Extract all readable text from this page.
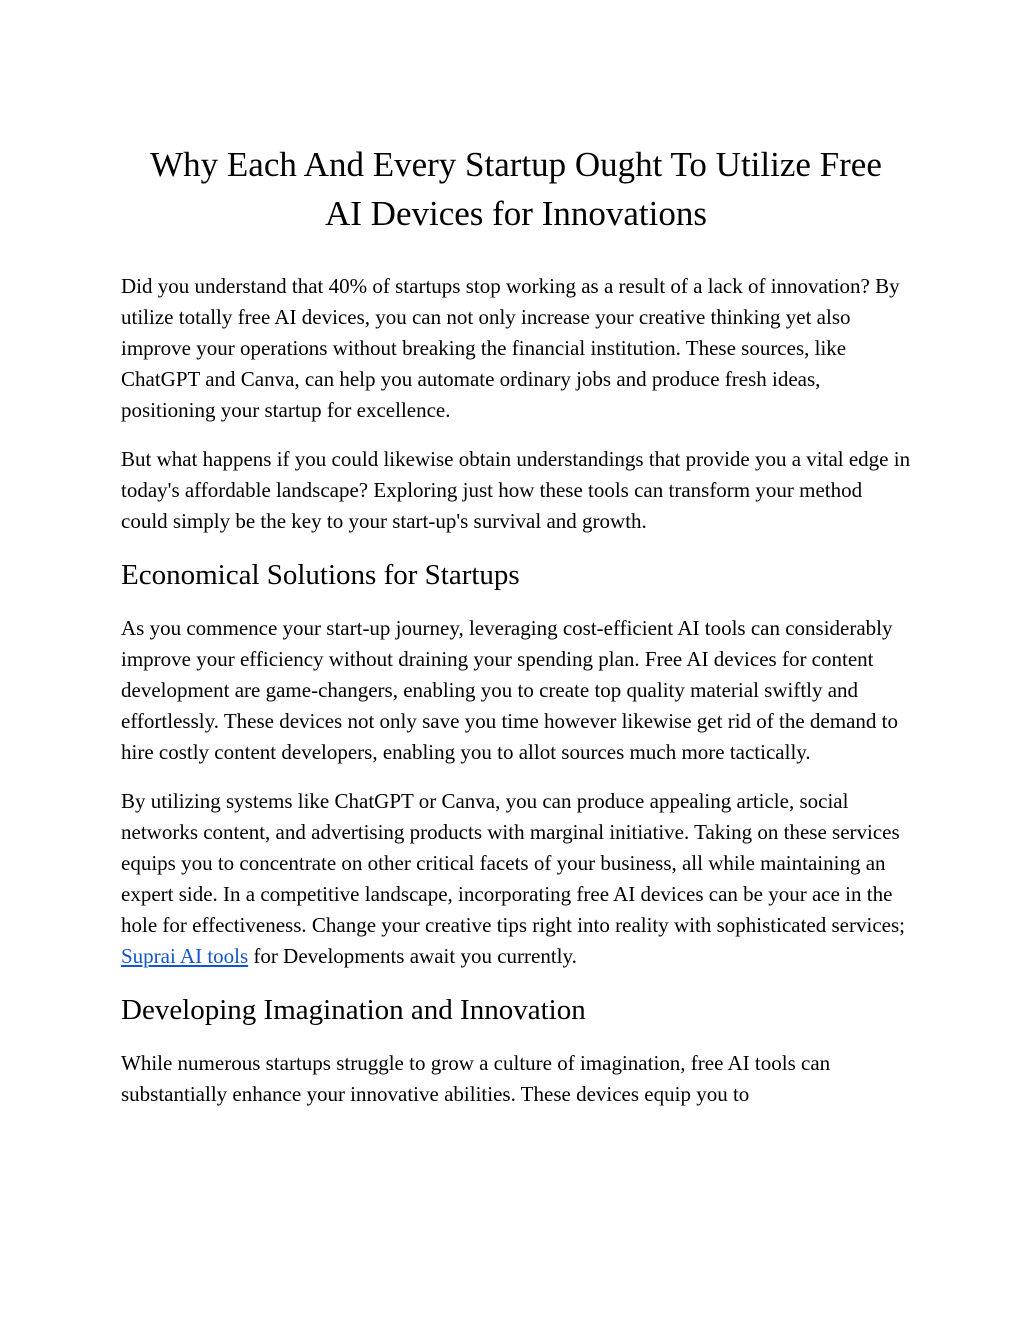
Why Each And Every Startup Ought To Utilize Free
AI Devices for Innovations

Did you understand that 40% of startups stop working as a result of a lack of innovation? By utilize totally free AI devices, you can not only increase your creative thinking yet also improve your operations without breaking the financial institution. These sources, like ChatGPT and Canva, can help you automate ordinary jobs and produce fresh ideas, positioning your startup for excellence.

But what happens if you could likewise obtain understandings that provide you a vital edge in today's affordable landscape? Exploring just how these tools can transform your method could simply be the key to your start-up's survival and growth.

Economical Solutions for Startups

As you commence your start-up journey, leveraging cost-efficient AI tools can considerably improve your efficiency without draining your spending plan. Free AI devices for content development are game-changers, enabling you to create top quality material swiftly and effortlessly. These devices not only save you time however likewise get rid of the demand to hire costly content developers, enabling you to allot sources much more tactically.

By utilizing systems like ChatGPT or Canva, you can produce appealing article, social networks content, and advertising products with marginal initiative. Taking on these services equips you to concentrate on other critical facets of your business, all while maintaining an expert side. In a competitive landscape, incorporating free AI devices can be your ace in the hole for effectiveness. Change your creative tips right into reality with sophisticated services; Suprai AI tools for Developments await you currently.

Developing Imagination and Innovation

While numerous startups struggle to grow a culture of imagination, free AI tools can substantially enhance your innovative abilities. These devices equip you to
